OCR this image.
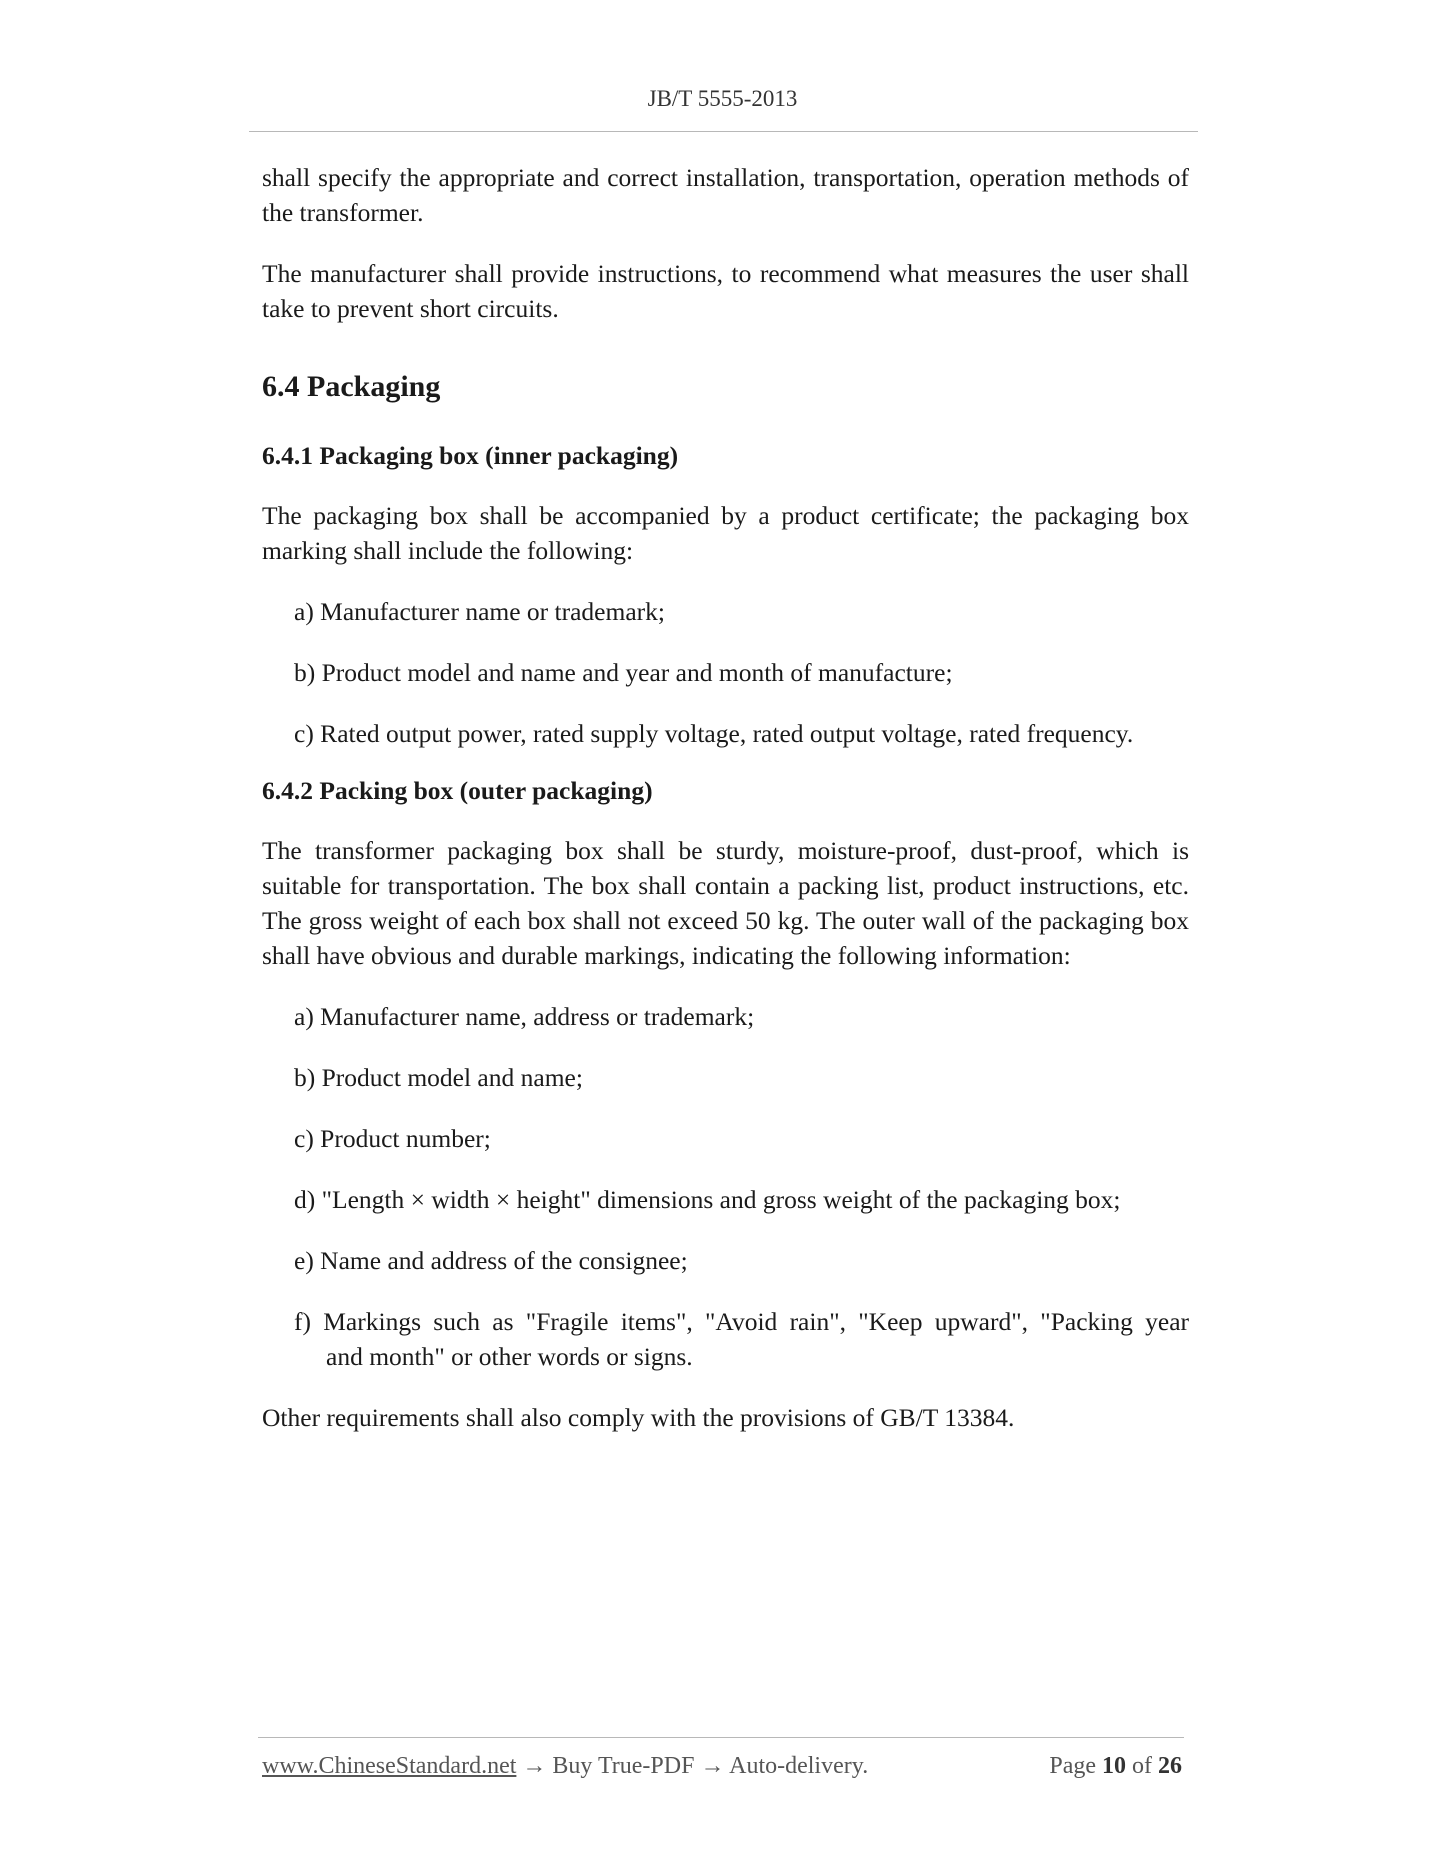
JB/T 5555-2013

shall specify the appropriate and correct installation, transportation, operation methods of the transformer.

The manufacturer shall provide instructions, to recommend what measures the user shall take to prevent short circuits.

6.4 Packaging
6.4.1 Packaging box (inner packaging)

The packaging box shall be accompanied by a product certificate; the packaging box marking shall include the following:

a) Manufacturer name or trademark;
b) Product model and name and year and month of manufacture;
c) Rated output power, rated supply voltage, rated output voltage, rated frequency.
6.4.2 Packing box (outer packaging)

The transformer packaging box shall be sturdy, moisture-proof, dust-proof, which is suitable for transportation. The box shall contain a packing list, product instructions, etc. The gross weight of each box shall not exceed 50 kg. The outer wall of the packaging box shall have obvious and durable markings, indicating the following information:

a) Manufacturer name, address or trademark;
b) Product model and name;
c) Product number;
d) "Length × width × height" dimensions and gross weight of the packaging box;
e) Name and address of the consignee;
f) Markings such as "Fragile items", "Avoid rain", "Keep upward", "Packing year
and month" or other words or signs.

Other requirements shall also comply with the provisions of GB/T 13384.

www.ChineseStandard.net → Buy True-PDF → Auto-delivery.	Page 10 of 26
